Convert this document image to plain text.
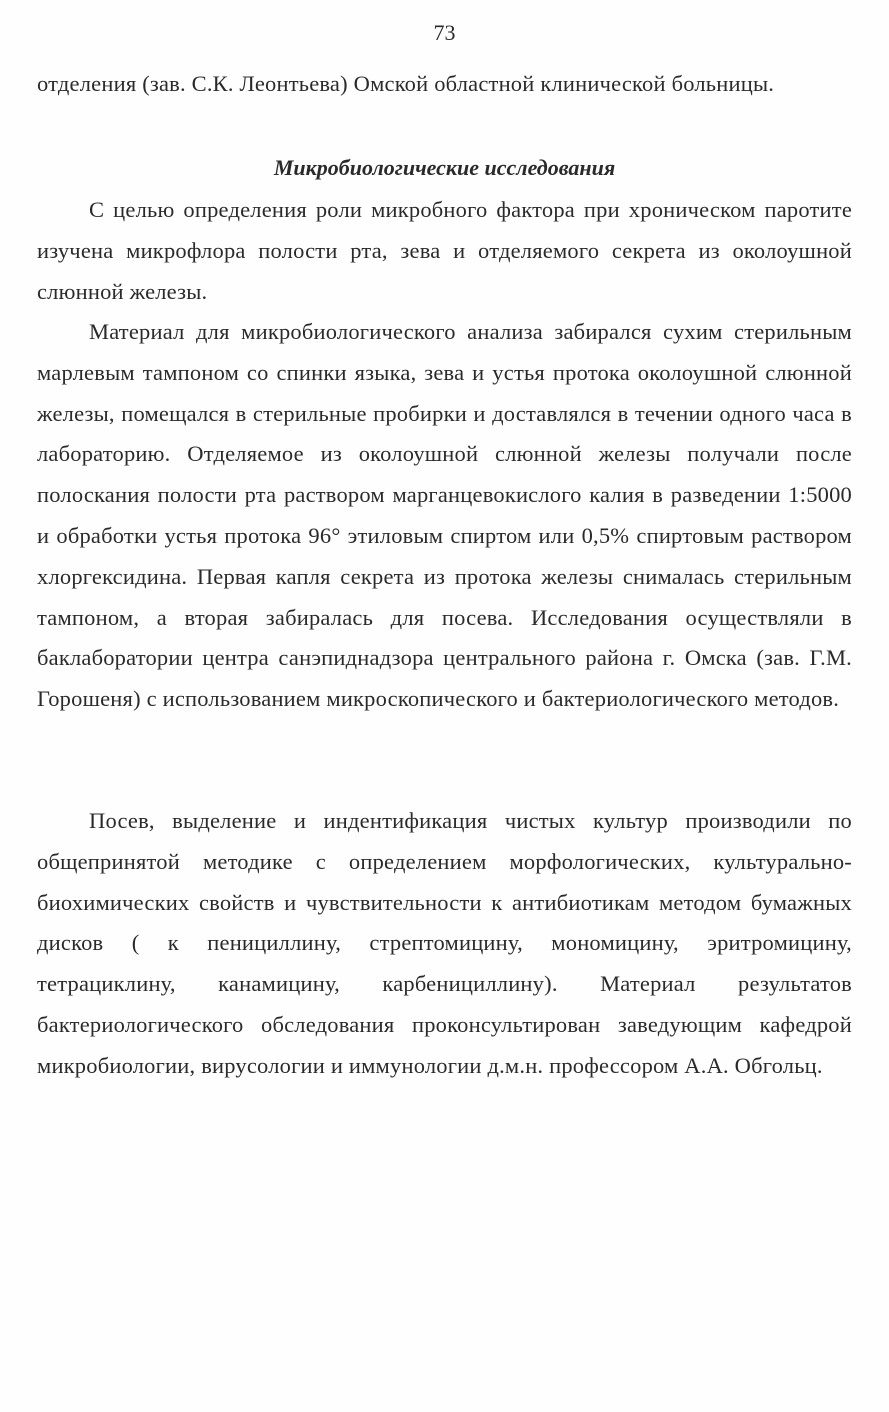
73

отделения (зав. С.К. Леонтьева) Омской областной клинической больницы.

Микробиологические исследования

С целью определения роли микробного фактора при хроническом паротите изучена микрофлора полости рта, зева и отделяемого секрета из околоушной слюнной железы.

Материал для микробиологического анализа забирался сухим стерильным марлевым тампоном со спинки языка, зева и устья протока околоушной слюнной железы, помещался в стерильные пробирки и доставлялся в течении одного часа в лабораторию. Отделяемое из околоушной слюнной железы получали после полоскания полости рта раствором марганцевокислого калия в разведении 1:5000 и обработки устья протока 96° этиловым спиртом или 0,5% спиртовым раствором хлоргексидина. Первая капля секрета из протока железы снималась стерильным тампоном, а вторая забиралась для посева. Исследования осуществляли в баклаборатории центра санэпиднадзора центрального района г. Омска (зав. Г.М. Горошеня) с использованием микроскопического и бактериологического методов.

Посев, выделение и индентификация чистых культур производили по общепринятой методике с определением морфологических, культурально-биохимических свойств и чувствительности к антибиотикам методом бумажных дисков ( к пенициллину, стрептомицину, мономицину, эритромицину, тетрациклину, канамицину, карбенициллину). Материал результатов бактериологического обследования проконсультирован заведующим кафедрой микробиологии, вирусологии и иммунологии д.м.н. профессором А.А. Обгольц.
